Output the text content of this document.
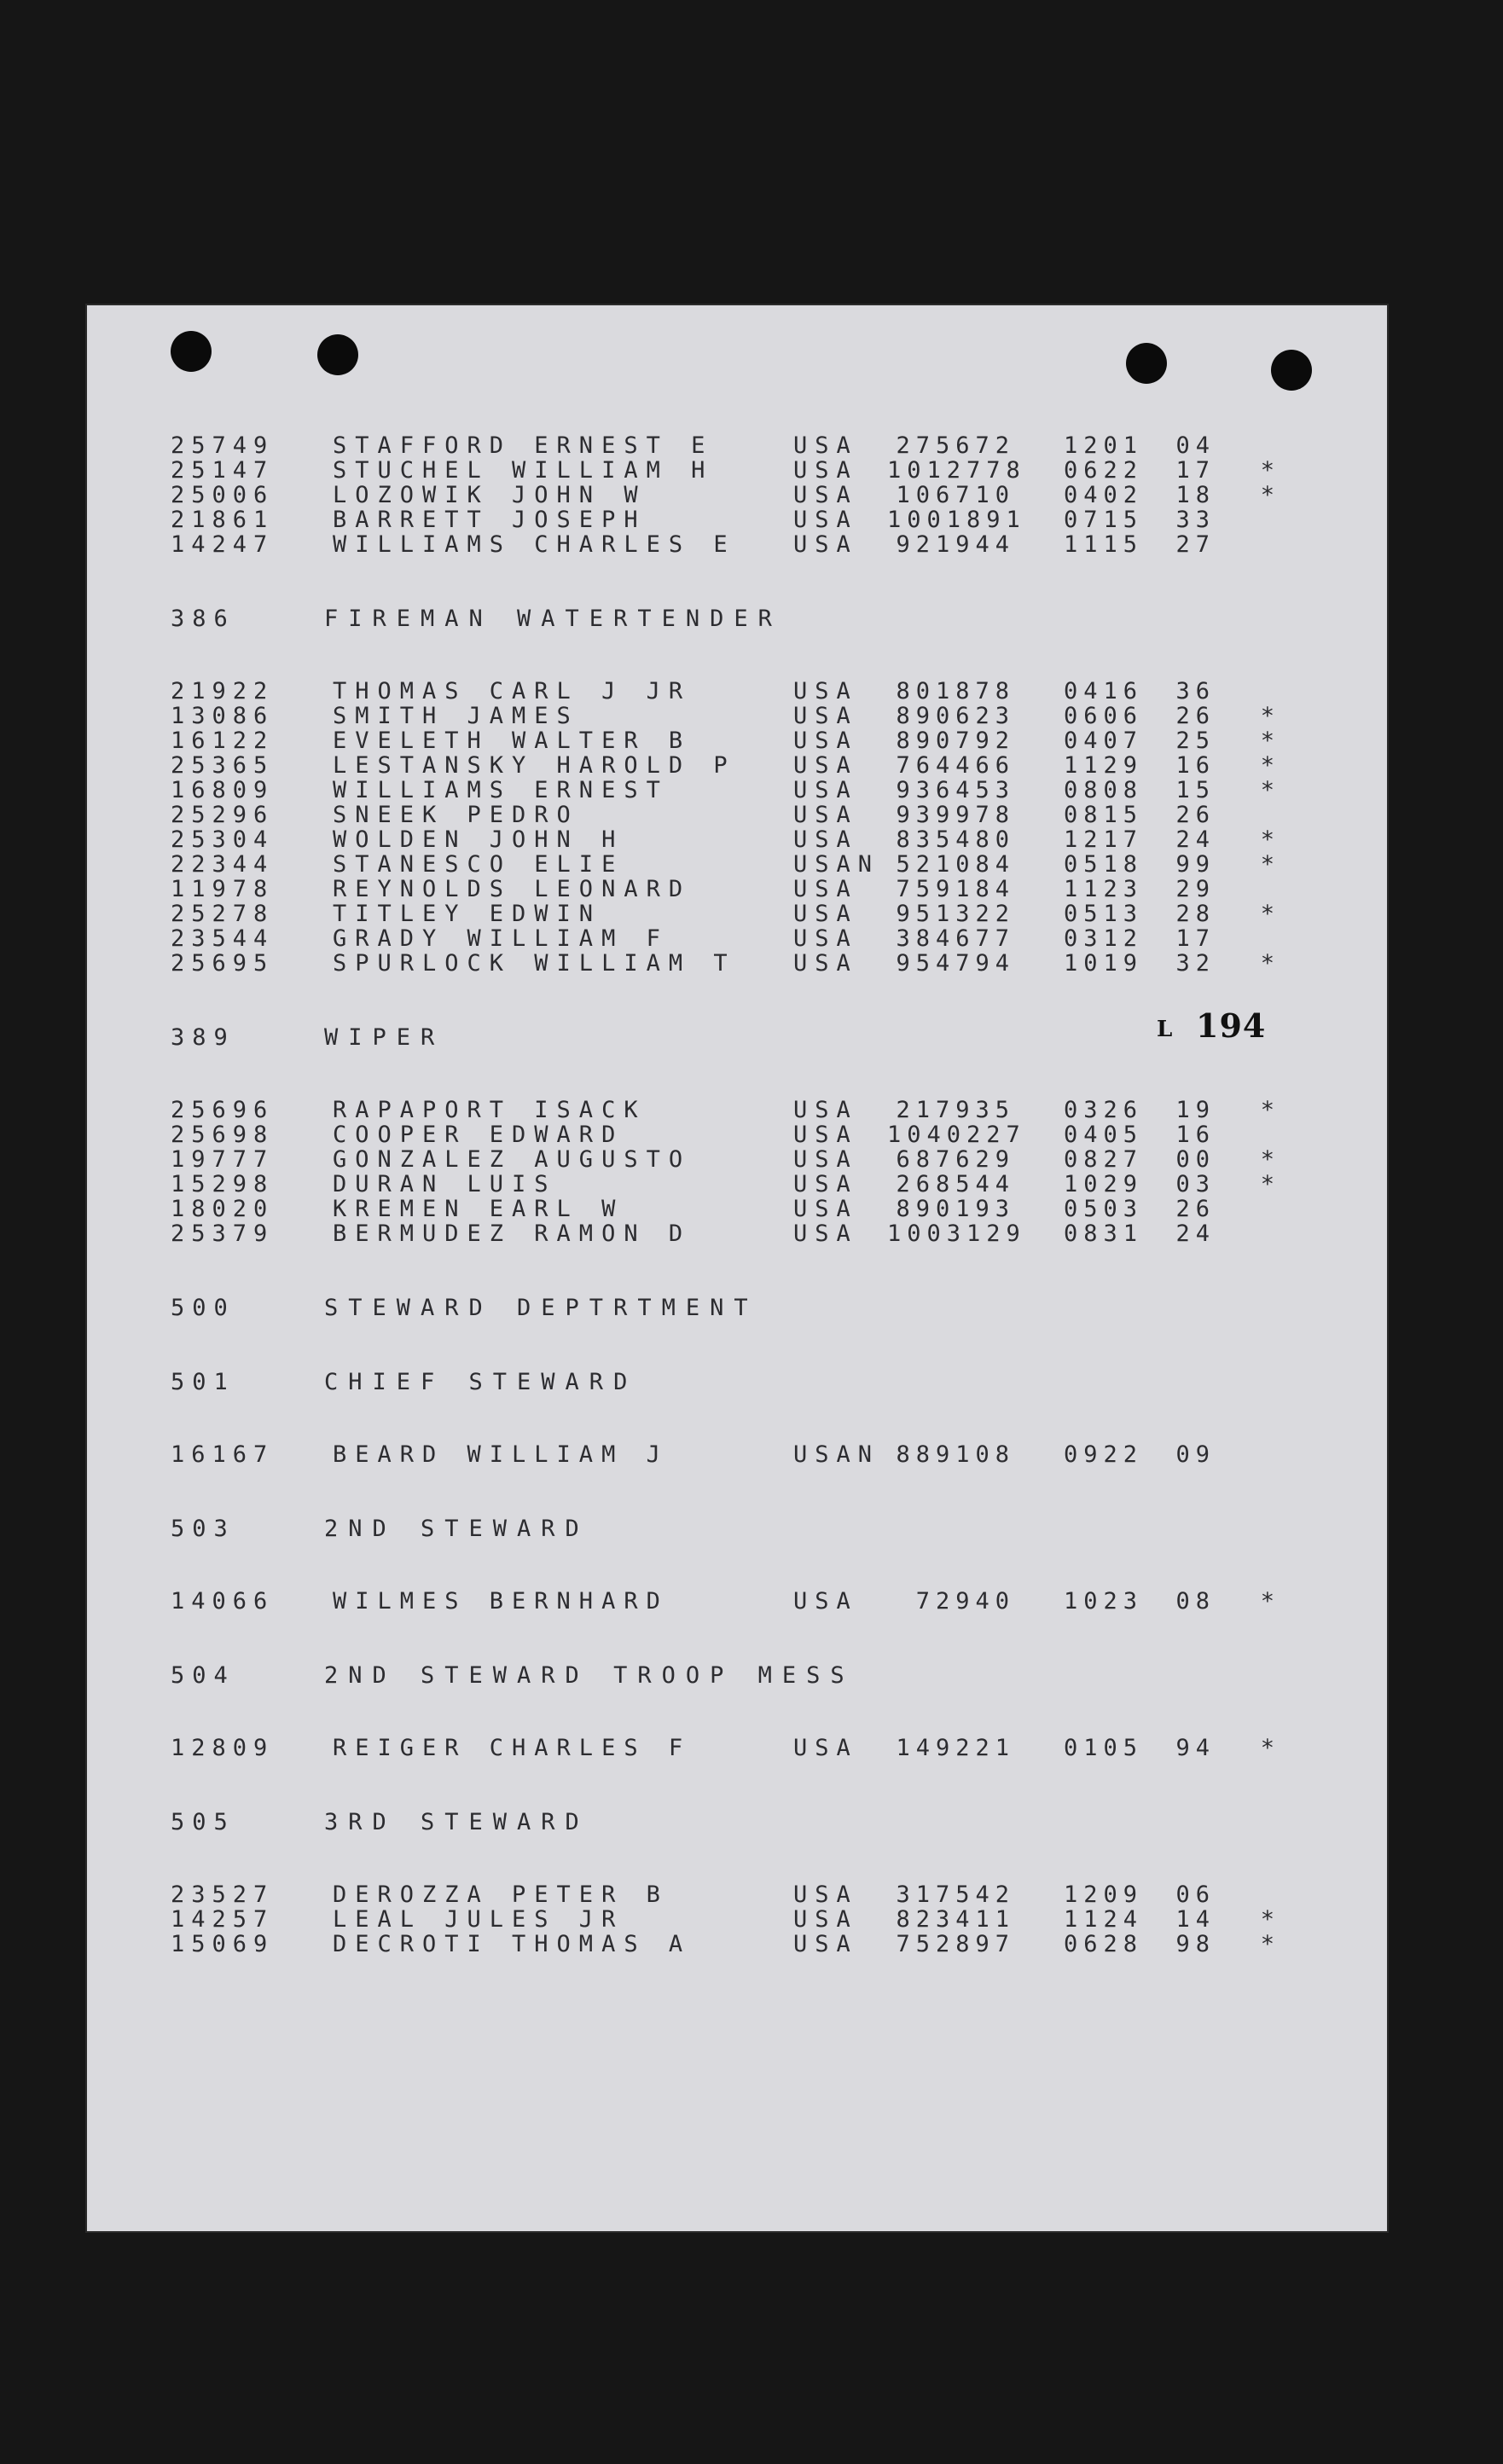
L 194
25749	STAFFORD ERNEST E	USA	275672	1201	04
25147	STUCHEL WILLIAM H	USA	1012778	0622	17	*
25006	LOZOWIK JOHN W	USA	106710	0402	18	*
21861	BARRETT JOSEPH	USA	1001891	0715	33
14247	WILLIAMS CHARLES E	USA	921944	1115	27
386	FIREMAN WATERTENDER
21922	THOMAS CARL J JR	USA	801878	0416	36
13086	SMITH JAMES	USA	890623	0606	26	*
16122	EVELETH WALTER B	USA	890792	0407	25	*
25365	LESTANSKY HAROLD P	USA	764466	1129	16	*
16809	WILLIAMS ERNEST	USA	936453	0808	15	*
25296	SNEEK PEDRO	USA	939978	0815	26
25304	WOLDEN JOHN H	USA	835480	1217	24	*
22344	STANESCO ELIE	USAN 521084	0518	99	*
11978	REYNOLDS LEONARD	USA	759184	1123	29
25278	TITLEY EDWIN	USA	951322	0513	28	*
23544	GRADY WILLIAM F	USA	384677	0312	17
25695	SPURLOCK WILLIAM T	USA	954794	1019	32	*
389	WIPER
25696	RAPAPORT ISACK	USA	217935	0326	19	*
25698	COOPER EDWARD	USA	1040227	0405	16
19777	GONZALEZ AUGUSTO	USA	687629	0827	00	*
15298	DURAN LUIS	USA	268544	1029	03	*
18020	KREMEN EARL W	USA	890193	0503	26
25379	BERMUDEZ RAMON D	USA	1003129	0831	24
500	STEWARD DEPTRTMENT
501	CHIEF STEWARD
16167	BEARD WILLIAM J	USAN 889108	0922	09
503	2ND STEWARD
14066	WILMES BERNHARD	USA	72940	1023	08	*
504	2ND STEWARD TROOP MESS
12809	REIGER CHARLES F	USA	149221	0105	94	*
505	3RD STEWARD
23527	DEROZZA PETER B	USA	317542	1209	06
14257	LEAL JULES JR	USA	823411	1124	14	*
15069	DECROTI THOMAS A	USA	752897	0628	98	*
